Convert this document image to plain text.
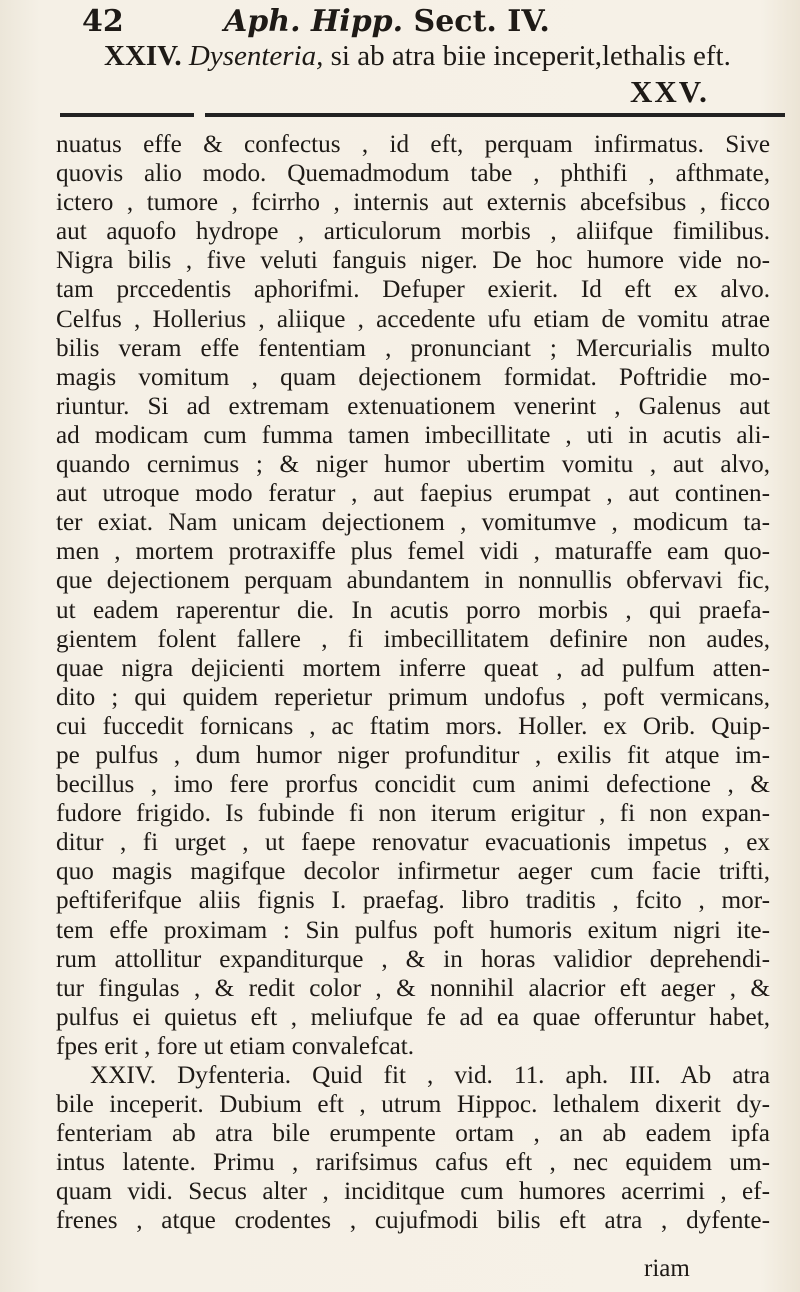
42	Aph. Hipp. Sect. IV.
XXIV. Dysenteria, si ab atra biie inceperit,lethalis eft.
XXV.
nuatus effe & confectus , id eft, perquam infirmatus. Sive
quovis alio modo. Quemadmodum tabe , phthifi , afthmate,
ictero , tumore , fcirrho , internis aut externis abcefsibus , ficco
aut aquofo hydrope , articulorum morbis , aliifque fimilibus.
Nigra bilis , five veluti fanguis niger. De hoc humore vide no-
tam prccedentis aphorifmi. Defuper exierit. Id eft ex alvo.
Celfus , Hollerius , aliique , accedente ufu etiam de vomitu atrae
bilis veram effe fententiam , pronunciant ; Mercurialis multo
magis vomitum , quam dejectionem formidat. Poftridie mo-
riuntur. Si ad extremam extenuationem venerint , Galenus aut
ad modicam cum fumma tamen imbecillitate , uti in acutis ali-
quando cernimus ; & niger humor ubertim vomitu , aut alvo,
aut utroque modo feratur , aut faepius erumpat , aut continen-
ter exiat. Nam unicam dejectionem , vomitumve , modicum ta-
men , mortem protraxiffe plus femel vidi , maturaffe eam quo-
que dejectionem perquam abundantem in nonnullis obfervavi fic,
ut eadem raperentur die. In acutis porro morbis , qui praefa-
gientem folent fallere , fi imbecillitatem definire non audes,
quae nigra dejicienti mortem inferre queat , ad pulfum atten-
dito ; qui quidem reperietur primum undofus , poft vermicans,
cui fuccedit fornicans , ac ftatim mors. Holler. ex Orib. Quip-
pe pulfus , dum humor niger profunditur , exilis fit atque im-
becillus , imo fere prorfus concidit cum animi defectione , &
fudore frigido. Is fubinde fi non iterum erigitur , fi non expan-
ditur , fi urget , ut faepe renovatur evacuationis impetus , ex
quo magis magifque decolor infirmetur aeger cum facie trifti,
peftiferifque aliis fignis I. praefag. libro traditis , fcito , mor-
tem effe proximam : Sin pulfus poft humoris exitum nigri ite-
rum attollitur expanditurque , & in horas validior deprehendi-
tur fingulas , & redit color , & nonnihil alacrior eft aeger , &
pulfus ei quietus eft , meliufque fe ad ea quae offeruntur habet,
fpes erit , fore ut etiam convalefcat.
XXIV. Dyfenteria. Quid fit , vid. 11. aph. III. Ab atra
bile inceperit. Dubium eft , utrum Hippoc. lethalem dixerit dy-
fenteriam ab atra bile erumpente ortam , an ab eadem ipfa
intus latente. Primu , rarifsimus cafus eft , nec equidem um-
quam vidi. Secus alter , inciditque cum humores acerrimi , ef-
frenes , atque crodentes , cujufmodi bilis eft atra , dyfente-
riam
